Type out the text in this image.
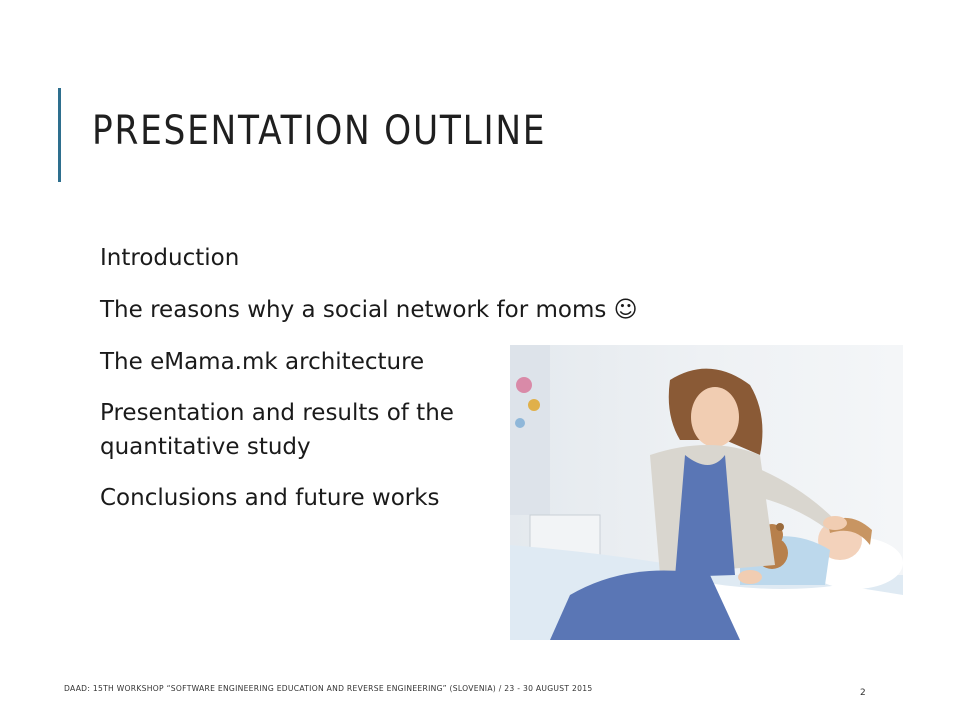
PRESENTATION OUTLINE
Introduction
The reasons why a social network for moms ☺
The eMama.mk architecture
Presentation and results of the quantitative study
Conclusions and future works
DAAD: 15TH WORKSHOP “SOFTWARE ENGINEERING EDUCATION AND REVERSE ENGINEERING” (SLOVENIA) / 23 - 30 AUGUST 2015	2
